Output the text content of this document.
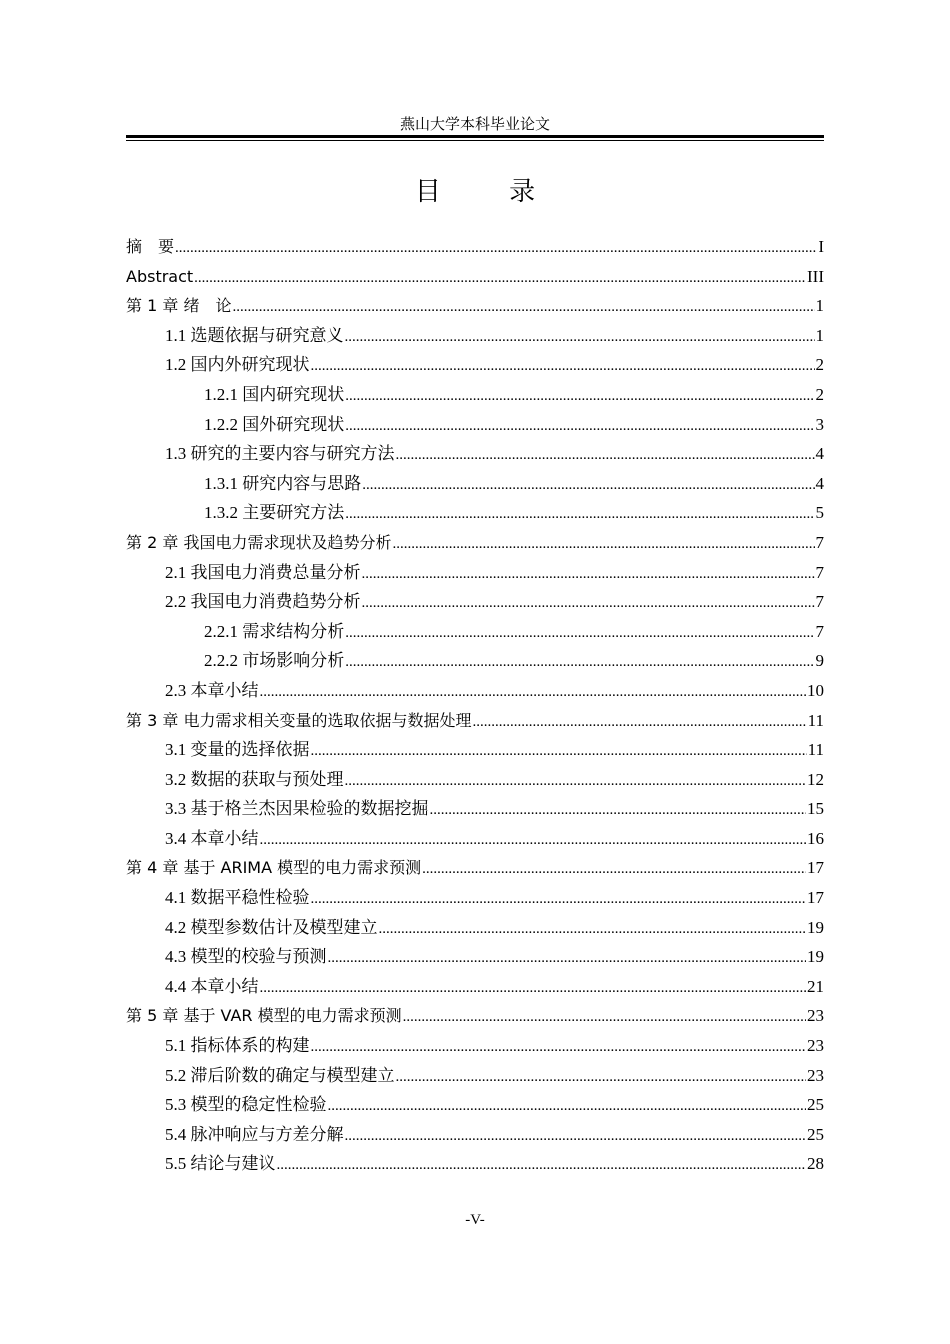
燕山大学本科毕业论文
目 录
摘　要 .....	I
Abstract .....	III
第 1 章 绪　论 .....	1
1.1 选题依据与研究意义 .....	1
1.2 国内外研究现状 .....	2
1.2.1 国内研究现状 .....	2
1.2.2 国外研究现状 .....	3
1.3 研究的主要内容与研究方法 .....	4
1.3.1 研究内容与思路 .....	4
1.3.2 主要研究方法 .....	5
第 2 章 我国电力需求现状及趋势分析 .....	7
2.1 我国电力消费总量分析 .....	7
2.2 我国电力消费趋势分析 .....	7
2.2.1 需求结构分析 .....	7
2.2.2 市场影响分析 .....	9
2.3 本章小结 .....	10
第 3 章 电力需求相关变量的选取依据与数据处理 .....	11
3.1 变量的选择依据 .....	11
3.2 数据的获取与预处理 .....	12
3.3 基于格兰杰因果检验的数据挖掘 .....	15
3.4 本章小结 .....	16
第 4 章 基于 ARIMA 模型的电力需求预测 .....	17
4.1 数据平稳性检验 .....	17
4.2 模型参数估计及模型建立 .....	19
4.3 模型的校验与预测 .....	19
4.4 本章小结 .....	21
第 5 章 基于 VAR 模型的电力需求预测 .....	23
5.1 指标体系的构建 .....	23
5.2 滞后阶数的确定与模型建立 .....	23
5.3 模型的稳定性检验 .....	25
5.4 脉冲响应与方差分解 .....	25
5.5 结论与建议 .....	28
-V-
